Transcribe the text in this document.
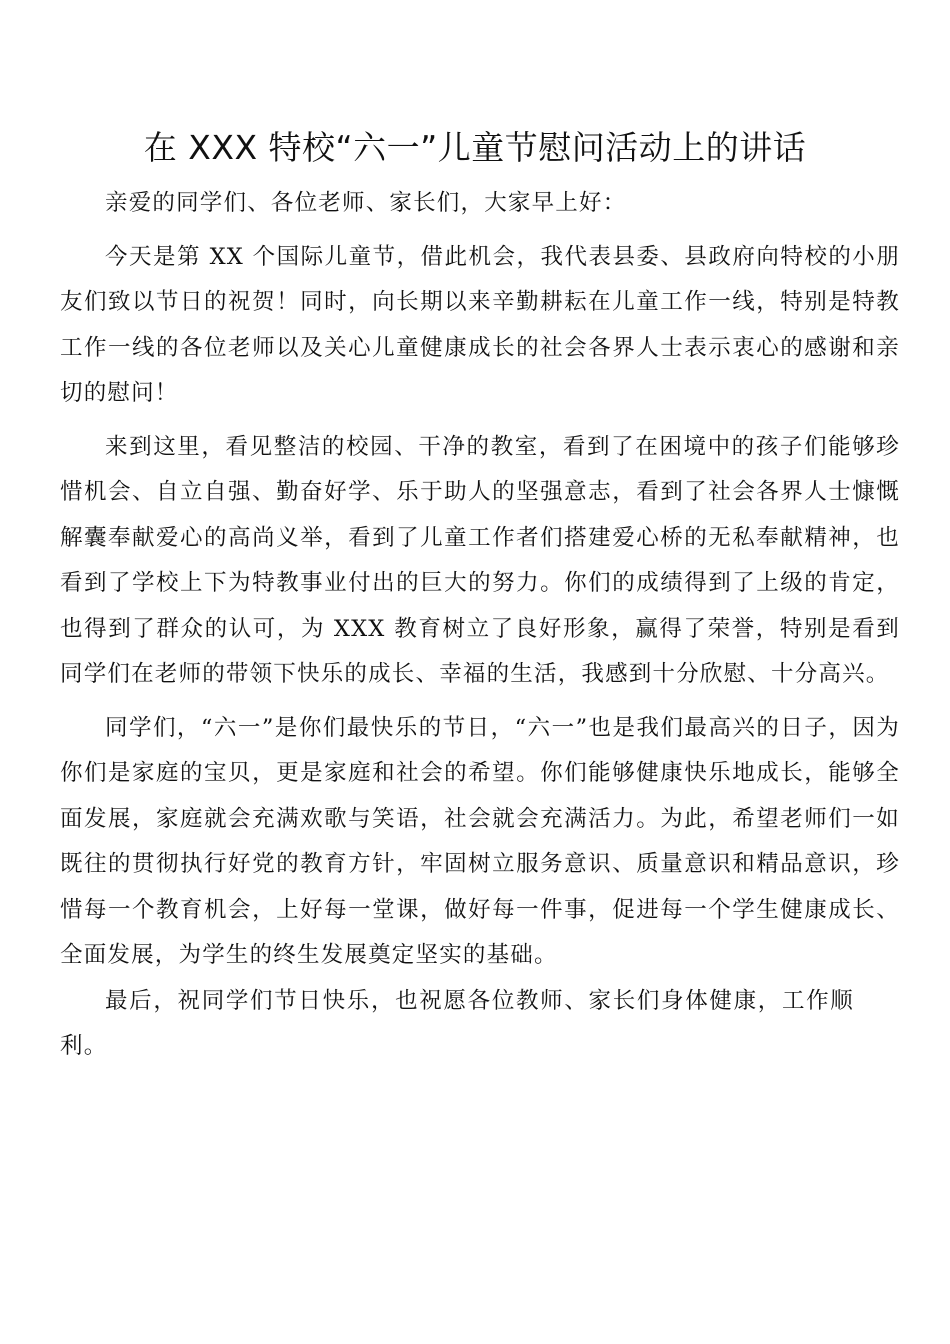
在 XXX 特校“六一”儿童节慰问活动上的讲话

亲爱的同学们、各位老师、家长们，大家早上好：

今天是第 XX 个国际儿童节，借此机会，我代表县委、县政府向特校的小朋友们致以节日的祝贺！同时，向长期以来辛勤耕耘在儿童工作一线，特别是特教工作一线的各位老师以及关心儿童健康成长的社会各界人士表示衷心的感谢和亲切的慰问！

来到这里，看见整洁的校园、干净的教室，看到了在困境中的孩子们能够珍惜机会、自立自强、勤奋好学、乐于助人的坚强意志，看到了社会各界人士慷慨解囊奉献爱心的高尚义举，看到了儿童工作者们搭建爱心桥的无私奉献精神，也看到了学校上下为特教事业付出的巨大的努力。你们的成绩得到了上级的肯定，也得到了群众的认可，为 XXX 教育树立了良好形象，赢得了荣誉，特别是看到同学们在老师的带领下快乐的成长、幸福的生活，我感到十分欣慰、十分高兴。

同学们，“六一”是你们最快乐的节日，“六一”也是我们最高兴的日子，因为你们是家庭的宝贝，更是家庭和社会的希望。你们能够健康快乐地成长，能够全面发展，家庭就会充满欢歌与笑语，社会就会充满活力。为此，希望老师们一如既往的贯彻执行好党的教育方针，牢固树立服务意识、质量意识和精品意识，珍惜每一个教育机会，上好每一堂课，做好每一件事，促进每一个学生健康成长、全面发展，为学生的终生发展奠定坚实的基础。

最后，祝同学们节日快乐，也祝愿各位教师、家长们身体健康，工作顺利。
